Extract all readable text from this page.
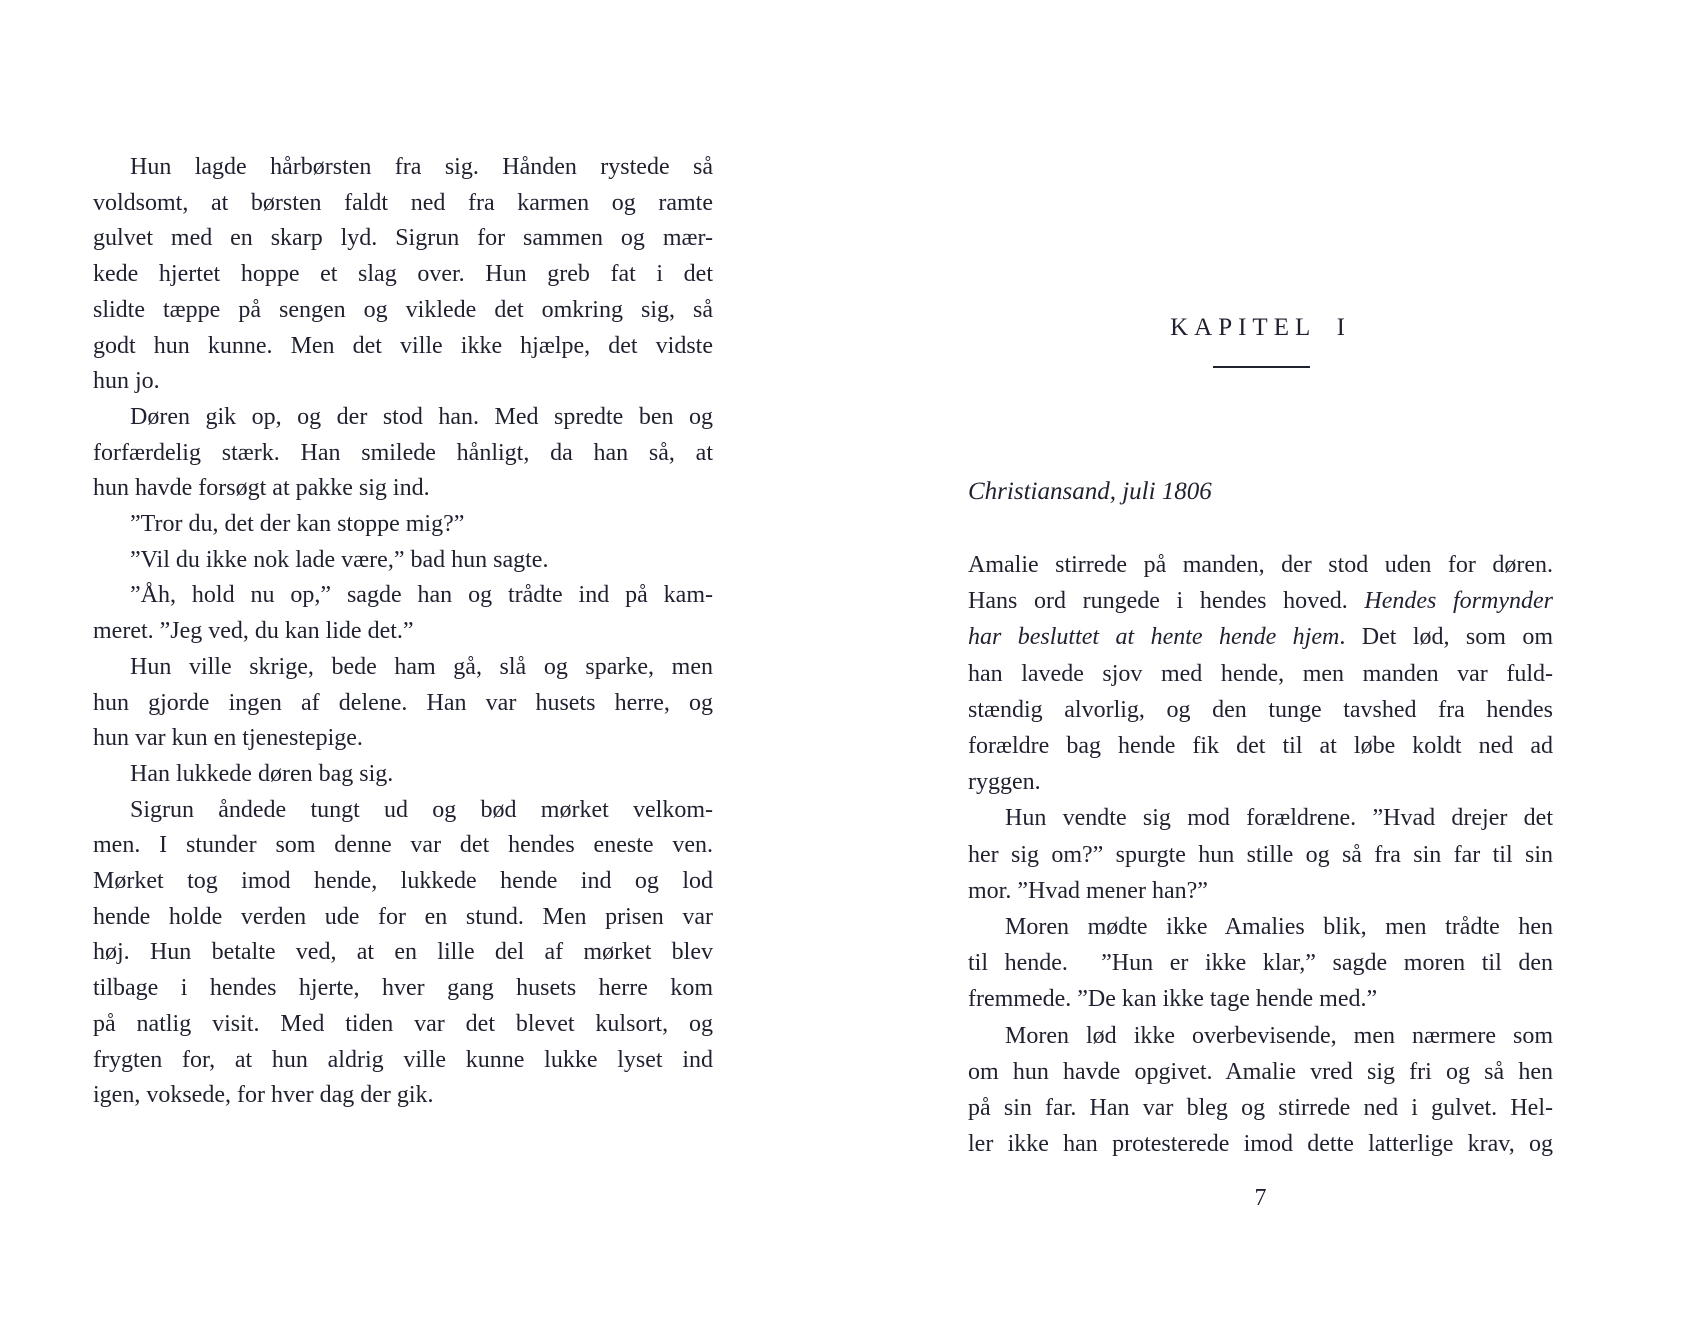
Hun lagde hårbørsten fra sig. Hånden rystede så
voldsomt, at børsten faldt ned fra karmen og ramte
gulvet med en skarp lyd. Sigrun for sammen og mær-
kede hjertet hoppe et slag over. Hun greb fat i det
slidte tæppe på sengen og viklede det omkring sig, så
godt hun kunne. Men det ville ikke hjælpe, det vidste
hun jo.
Døren gik op, og der stod han. Med spredte ben og
forfærdelig stærk. Han smilede hånligt, da han så, at
hun havde forsøgt at pakke sig ind.
”Tror du, det der kan stoppe mig?”
”Vil du ikke nok lade være,” bad hun sagte.
”Åh, hold nu op,” sagde han og trådte ind på kam-
meret. ”Jeg ved, du kan lide det.”
Hun ville skrige, bede ham gå, slå og sparke, men
hun gjorde ingen af delene. Han var husets herre, og
hun var kun en tjenestepige.
Han lukkede døren bag sig.
Sigrun åndede tungt ud og bød mørket velkom-
men. I stunder som denne var det hendes eneste ven.
Mørket tog imod hende, lukkede hende ind og lod
hende holde verden ude for en stund. Men prisen var
høj. Hun betalte ved, at en lille del af mørket blev
tilbage i hendes hjerte, hver gang husets herre kom
på natlig visit. Med tiden var det blevet kulsort, og
frygten for, at hun aldrig ville kunne lukke lyset ind
igen, voksede, for hver dag der gik.
KAPITEL I
Christiansand, juli 1806
Amalie stirrede på manden, der stod uden for døren.
Hans ord rungede i hendes hoved. Hendes formynder
har besluttet at hente hende hjem. Det lød, som om
han lavede sjov med hende, men manden var fuld-
stændig alvorlig, og den tunge tavshed fra hendes
forældre bag hende fik det til at løbe koldt ned ad
ryggen.
Hun vendte sig mod forældrene. ”Hvad drejer det
her sig om?” spurgte hun stille og så fra sin far til sin
mor. ”Hvad mener han?”
Moren mødte ikke Amalies blik, men trådte hen
til hende.  ”Hun er ikke klar,” sagde moren til den
fremmede. ”De kan ikke tage hende med.”
Moren lød ikke overbevisende, men nærmere som
om hun havde opgivet. Amalie vred sig fri og så hen
på sin far. Han var bleg og stirrede ned i gulvet. Hel-
ler ikke han protesterede imod dette latterlige krav, og
7
